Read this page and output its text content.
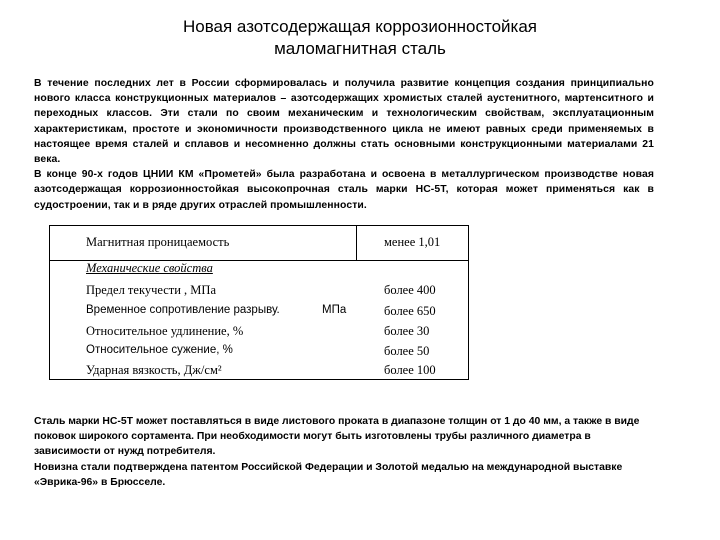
Новая азотсодержащая коррозионностойкая
маломагнитная сталь

В течение последних лет в России сформировалась и получила развитие концепция создания принципиально нового класса конструкционных материалов – азотсодержащих хромистых сталей аустенитного, мартенситного и переходных классов. Эти стали по своим механическим и технологическим свойствам, эксплуатационным характеристикам, простоте и экономичности производственного цикла не имеют равных среди применяемых в настоящее время сталей и сплавов и несомненно должны стать основными конструкционными материалами 21 века.

В конце 90-х годов ЦНИИ КМ «Прометей» была разработана и освоена в металлургическом производстве новая азотсодержащая коррозионностойкая высокопрочная сталь марки НС-5Т, которая может применяться как в судостроении, так и в ряде других отраслей промышленности.

Магнитная проницаемость	менее 1,01
Механические свойства
Предел текучести , МПа	более 400
Временное сопротивление разрыву.	МПа	более 650
Относительное удлинение, %	более 30
Относительное сужение, %	более 50
Ударная вязкость, Дж/см²	более 100

Сталь марки НС-5Т может поставляться в виде листового проката в диапазоне толщин от 1 до 40 мм, а также в виде поковок широкого сортамента. При необходимости могут быть изготовлены трубы различного диаметра в зависимости от нужд потребителя.

Новизна стали подтверждена патентом Российской Федерации и Золотой медалью на международной выставке «Эврика-96» в Брюсселе.
